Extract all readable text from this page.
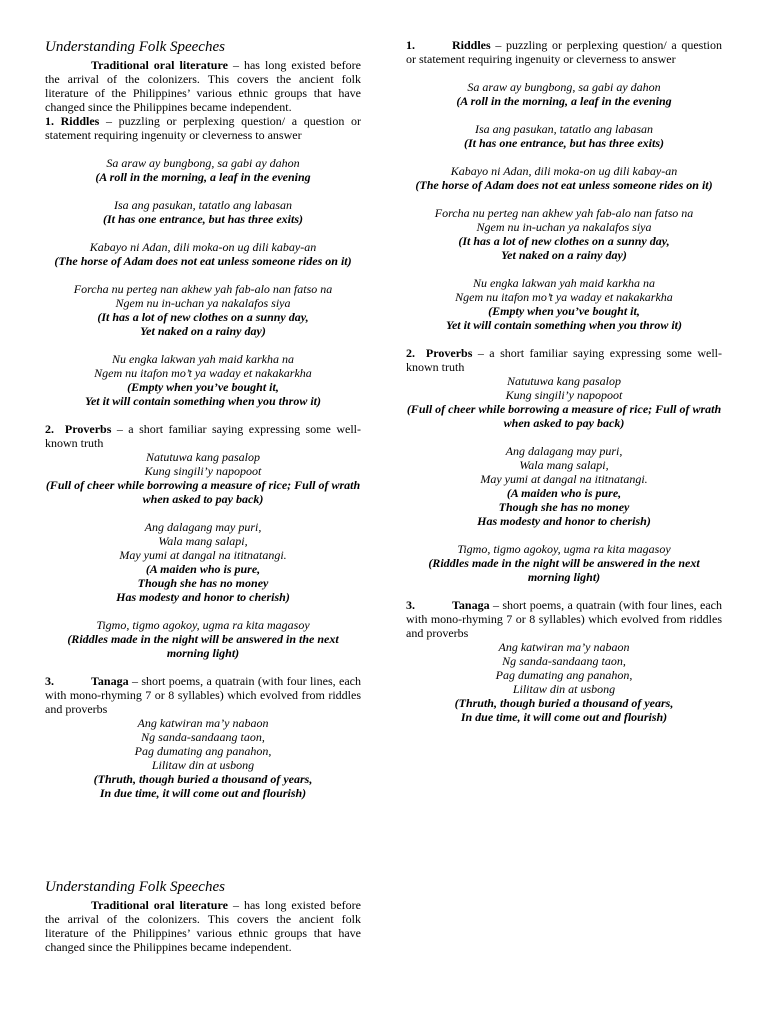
Understanding Folk Speeches

Traditional oral literature – has long existed before the arrival of the colonizers. This covers the ancient folk literature of the Philippines’ various ethnic groups that have changed since the Philippines became independent.

1. Riddles – puzzling or perplexing question/ a question or statement requiring ingenuity or cleverness to answer

Sa araw ay bungbong, sa gabi ay dahon
(A roll in the morning, a leaf in the evening
Isa ang pasukan, tatatlo ang labasan
(It has one entrance, but has three exits)
Kabayo ni Adan, dili moka-on ug dili kabay-an
(The horse of Adam does not eat unless someone rides on it)
Forcha nu perteg nan akhew yah fab-alo nan fatso na
Ngem nu in-uchan ya nakalafos siya
(It has a lot of new clothes on a sunny day,
Yet naked on a rainy day)
Nu engka lakwan yah maid karkha na
Ngem nu itafon mo’t ya waday et nakakarkha
(Empty when you’ve bought it,
Yet it will contain something when you throw it)

2. Proverbs – a short familiar saying expressing some well-known truth

Natutuwa kang pasalop
Kung singili’y napopoot
(Full of cheer while borrowing a measure of rice; Full of wrath when asked to pay back)
Ang dalagang may puri,
Wala mang salapi,
May yumi at dangal na ititnatangi.
(A maiden who is pure,
Though she has no money
Has modesty and honor to cherish)
Tigmo, tigmo agokoy, ugma ra kita magasoy
(Riddles made in the night will be answered in the next morning light)

3.	Tanaga – short poems, a quatrain (with four lines, each with mono-rhyming 7 or 8 syllables) which evolved from riddles and proverbs

Ang katwiran ma’y nabaon
Ng sanda-sandaang taon,
Pag dumating ang panahon,
Lilitaw din at usbong
(Thruth, though buried a thousand of years,
In due time, it will come out and flourish)

1.	Riddles – puzzling or perplexing question/ a question or statement requiring ingenuity or cleverness to answer

Sa araw ay bungbong, sa gabi ay dahon
(A roll in the morning, a leaf in the evening
Isa ang pasukan, tatatlo ang labasan
(It has one entrance, but has three exits)
Kabayo ni Adan, dili moka-on ug dili kabay-an
(The horse of Adam does not eat unless someone rides on it)
Forcha nu perteg nan akhew yah fab-alo nan fatso na
Ngem nu in-uchan ya nakalafos siya
(It has a lot of new clothes on a sunny day,
Yet naked on a rainy day)
Nu engka lakwan yah maid karkha na
Ngem nu itafon mo’t ya waday et nakakarkha
(Empty when you’ve bought it,
Yet it will contain something when you throw it)

2. Proverbs – a short familiar saying expressing some well-known truth

Natutuwa kang pasalop
Kung singili’y napopoot
(Full of cheer while borrowing a measure of rice; Full of wrath when asked to pay back)
Ang dalagang may puri,
Wala mang salapi,
May yumi at dangal na ititnatangi.
(A maiden who is pure,
Though she has no money
Has modesty and honor to cherish)
Tigmo, tigmo agokoy, ugma ra kita magasoy
(Riddles made in the night will be answered in the next morning light)

3.	Tanaga – short poems, a quatrain (with four lines, each with mono-rhyming 7 or 8 syllables) which evolved from riddles and proverbs

Ang katwiran ma’y nabaon
Ng sanda-sandaang taon,
Pag dumating ang panahon,
Lilitaw din at usbong
(Thruth, though buried a thousand of years,
In due time, it will come out and flourish)
Understanding Folk Speeches

Traditional oral literature – has long existed before the arrival of the colonizers. This covers the ancient folk literature of the Philippines’ various ethnic groups that have changed since the Philippines became independent.
